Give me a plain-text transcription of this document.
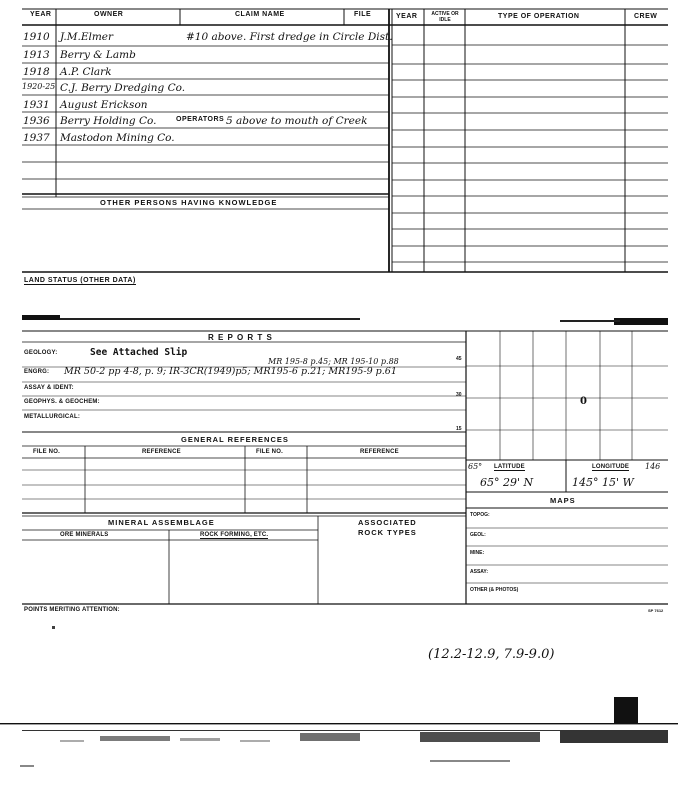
YEAR	OWNER	CLAIM NAME	FILE	YEAR	ACTIVE OR IDLE	TYPE OF OPERATION	CREW
1910 J.M.Elmer	#10 above. First dredge in Circle Dist.
1913 Berry & Lamb
1918 A.P. Clark
1920-25 C.J. Berry Dredging Co.
1931 August Erickson
1936 Berry Holding Co.	OPERATORS 5 above to mouth of Creek
1937 Mastodon Mining Co.
OTHER PERSONS HAVING KNOWLEDGE
LAND STATUS (OTHER DATA)
R E P O R T S
GEOLOGY:	See Attached Slip
MR 195-8 p.45; MR 195-10 p.88
ENGRG: MR 50-2 pp 4-8, p. 9; IR-3CR(1949)p5; MR195-6 p.21; MR195-9 p.61
ASSAY & IDENT:
GEOPHYS. & GEOCHEM:
METALLURGICAL:
45
30
15
GENERAL REFERENCES
FILE NO.	REFERENCE	FILE NO.	REFERENCE
MINERAL ASSEMBLAGE
ORE MINERALS	ROCK FORMING, ETC.
ASSOCIATED
ROCK TYPES
0
65° LATITUDE	LONGITUDE 146
65° 29' N	145° 15' W
MAPS
TOPOG:
GEOL:
MINE:
ASSAY:
OTHER (& PHOTOS)
POINTS MERITING ATTENTION:	SP 7612
(12.2-12.9, 7.9-9.0)
